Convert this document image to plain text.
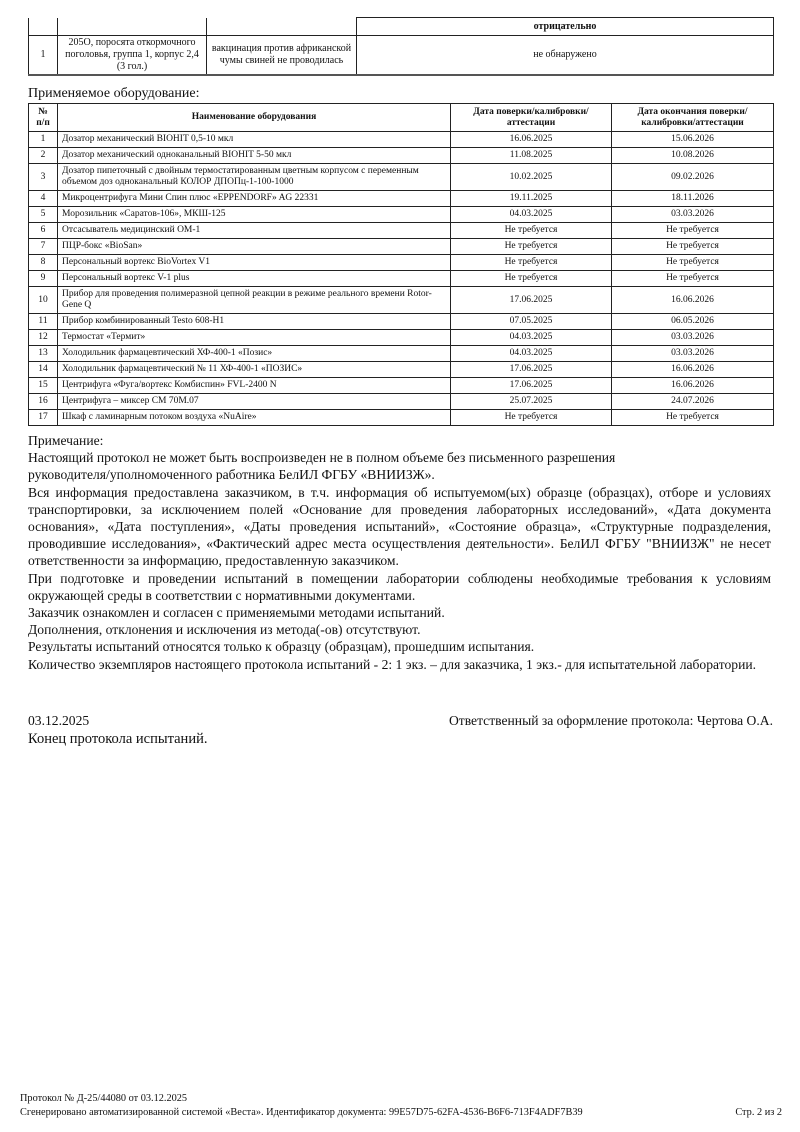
			отрицательно
1	205О, поросята откормочного поголовья, группа 1, корпус 2,4 (3 гол.)	вакцинация против африканской чумы свиней не проводилась	не обнаружено
Применяемое оборудование:
№ п/п	Наименование оборудования	Дата поверки/калибровки/аттестации	Дата окончания поверки/калибровки/аттестации
1	Дозатор механический BIOHIT 0,5-10 мкл	16.06.2025	15.06.2026
2	Дозатор механический одноканальный BIOHIT 5-50 мкл	11.08.2025	10.08.2026
3	Дозатор пипеточный с двойным термостатированным цветным корпусом с переменным объемом доз одноканальный КОЛОР ДПОПц-1-100-1000	10.02.2025	09.02.2026
4	Микроцентрифуга Мини Спин плюс «EPPENDORF» AG 22331	19.11.2025	18.11.2026
5	Морозильник «Саратов-106», МКШ-125	04.03.2025	03.03.2026
6	Отсасыватель медицинский ОМ-1	Не требуется	Не требуется
7	ПЦР-бокс «BioSan»	Не требуется	Не требуется
8	Персональный вортекс BioVortex V1	Не требуется	Не требуется
9	Персональный вортекс V-1 plus	Не требуется	Не требуется
10	Прибор для проведения полимеразной цепной реакции в режиме реального времени Rotor-Gene Q	17.06.2025	16.06.2026
11	Прибор комбинированный Testo 608-H1	07.05.2025	06.05.2026
12	Термостат «Термит»	04.03.2025	03.03.2026
13	Холодильник фармацевтический ХФ-400-1 «Позис»	04.03.2025	03.03.2026
14	Холодильник фармацевтический № 11 ХФ-400-1 «ПОЗИС»	17.06.2025	16.06.2026
15	Центрифуга «Фуга/вортекс Комбиспин» FVL-2400 N	17.06.2025	16.06.2026
16	Центрифуга – миксер СМ 70М.07	25.07.2025	24.07.2026
17	Шкаф с ламинарным потоком воздуха «NuAire»	Не требуется	Не требуется

Примечание:

Настоящий протокол не может быть воспроизведен не в полном объеме без письменного разрешения руководителя/уполномоченного работника БелИЛ ФГБУ «ВНИИЗЖ».

Вся информация предоставлена заказчиком, в т.ч. информация об испытуемом(ых) образце (образцах), отборе и условиях транспортировки, за исключением полей «Основание для проведения лабораторных исследований», «Дата документа основания», «Дата поступления», «Даты проведения испытаний», «Состояние образца», «Структурные подразделения, проводившие исследования», «Фактический адрес места осуществления деятельности». БелИЛ ФГБУ "ВНИИЗЖ" не несет ответственности за информацию, предоставленную заказчиком.

При подготовке и проведении испытаний в помещении лаборатории соблюдены необходимые требования к условиям окружающей среды в соответствии с нормативными документами.

Заказчик ознакомлен и согласен с применяемыми методами испытаний.

Дополнения, отклонения и исключения из метода(-ов) отсутствуют.

Результаты испытаний относятся только к образцу (образцам), прошедшим испытания.

Количество экземпляров настоящего протокола испытаний - 2: 1 экз. – для заказчика, 1 экз.- для испытательной лаборатории.

03.12.2025	Ответственный за оформление протокола: Чертова О.А.
Конец протокола испытаний.
Протокол № Д-25/44080 от 03.12.2025
Сгенерировано автоматизированной системой «Веста». Идентификатор документа: 99E57D75-62FA-4536-B6F6-713F4ADF7B39	Стр. 2 из 2
